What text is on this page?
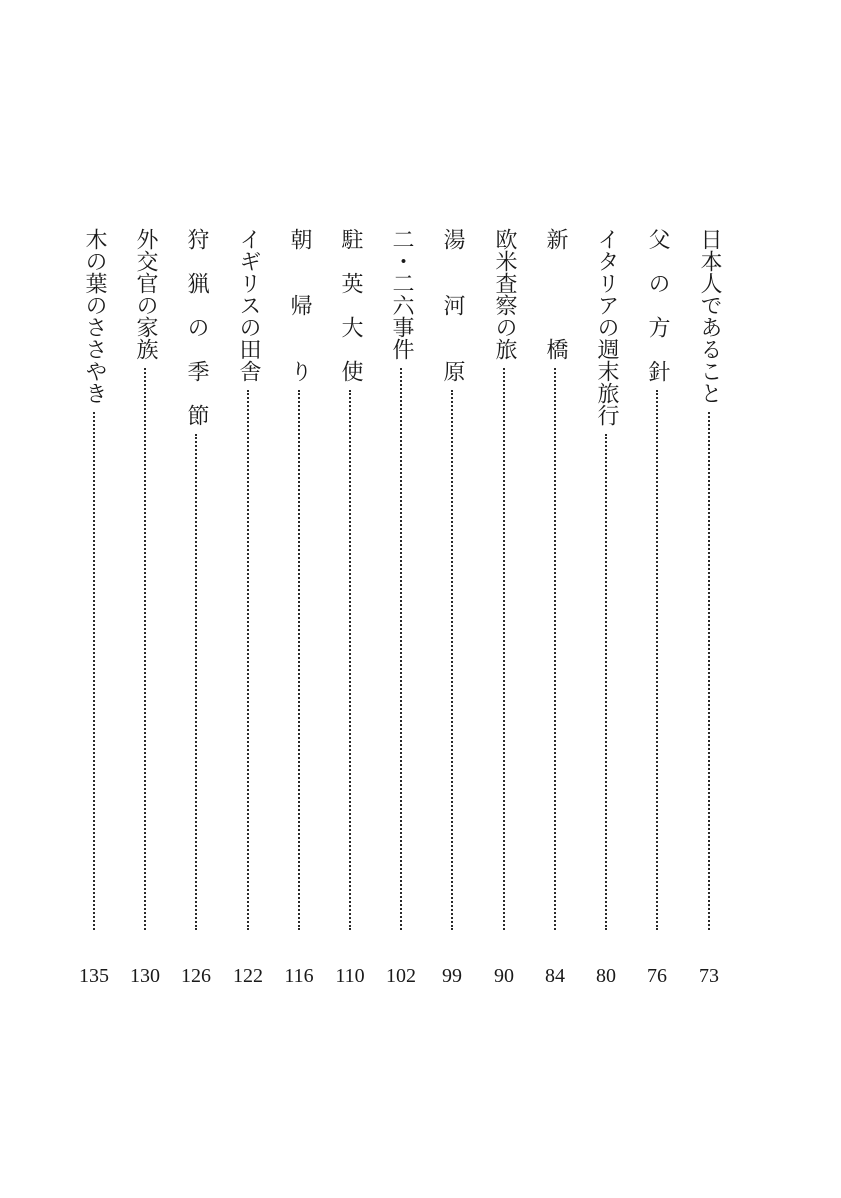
日本人であること
73
父　の　方　針
76
イタリアの週末旅行
80
新　　　　橋
84
欧米査察の旅
90
湯　　河　　原
99
二・二六事件
102
駐　英　大　使
110
朝　　帰　　り
116
イギリスの田舎
122
狩　猟　の　季　節
126
外交官の家族
130
木の葉のささやき
135
